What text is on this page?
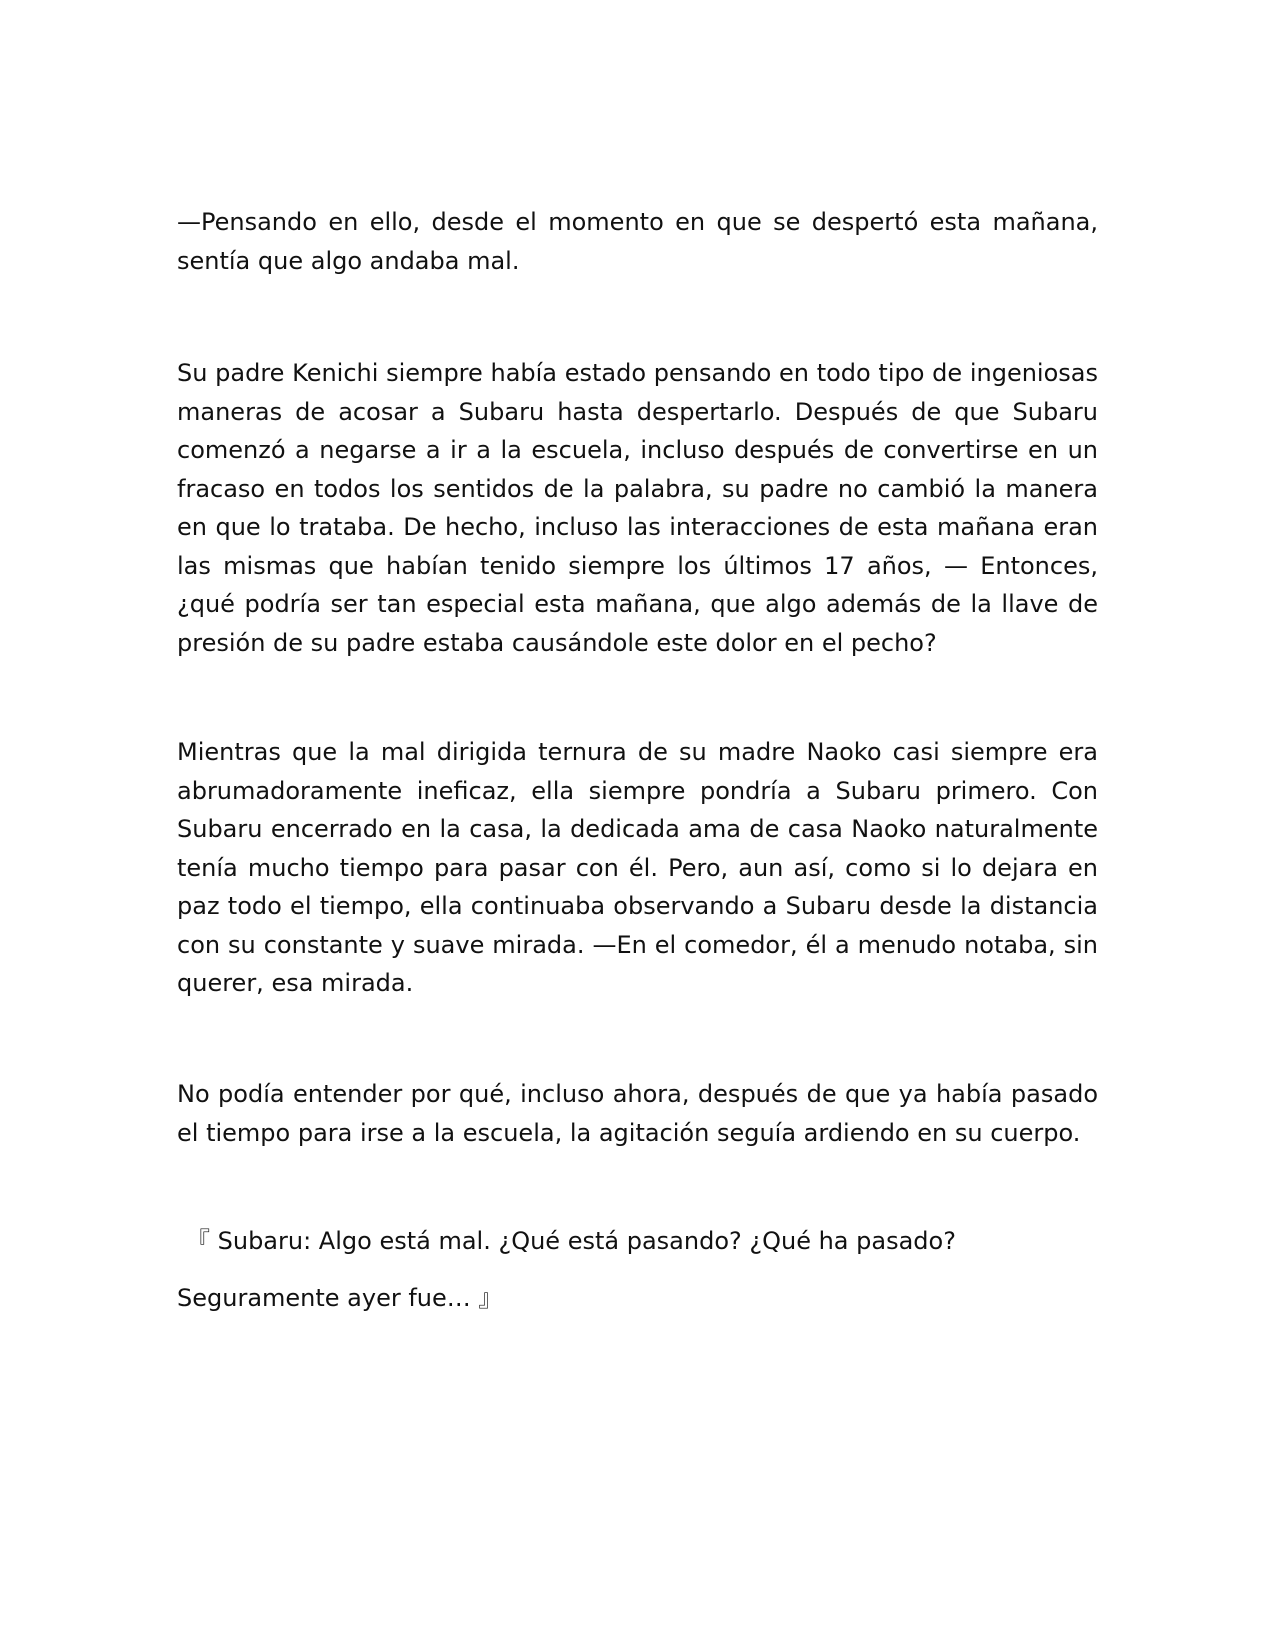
—Pensando en ello, desde el momento en que se despertó esta mañana, sentía que algo andaba mal.

Su padre Kenichi siempre había estado pensando en todo tipo de ingeniosas maneras de acosar a Subaru hasta despertarlo. Después de que Subaru comenzó a negarse a ir a la escuela, incluso después de convertirse en un fracaso en todos los sentidos de la palabra, su padre no cambió la manera en que lo trataba. De hecho, incluso las interacciones de esta mañana eran las mismas que habían tenido siempre los últimos 17 años, — Entonces, ¿qué podría ser tan especial esta mañana, que algo además de la llave de presión de su padre estaba causándole este dolor en el pecho?

Mientras que la mal dirigida ternura de su madre Naoko casi siempre era abrumadoramente ineficaz, ella siempre pondría a Subaru primero. Con Subaru encerrado en la casa, la dedicada ama de casa Naoko naturalmente tenía mucho tiempo para pasar con él. Pero, aun así, como si lo dejara en paz todo el tiempo, ella continuaba observando a Subaru desde la distancia con su constante y suave mirada. —En el comedor, él a menudo notaba, sin querer, esa mirada.

No podía entender por qué, incluso ahora, después de que ya había pasado el tiempo para irse a la escuela, la agitación seguía ardiendo en su cuerpo.

『 Subaru: Algo está mal. ¿Qué está pasando? ¿Qué ha pasado?

Seguramente ayer fue… 』
